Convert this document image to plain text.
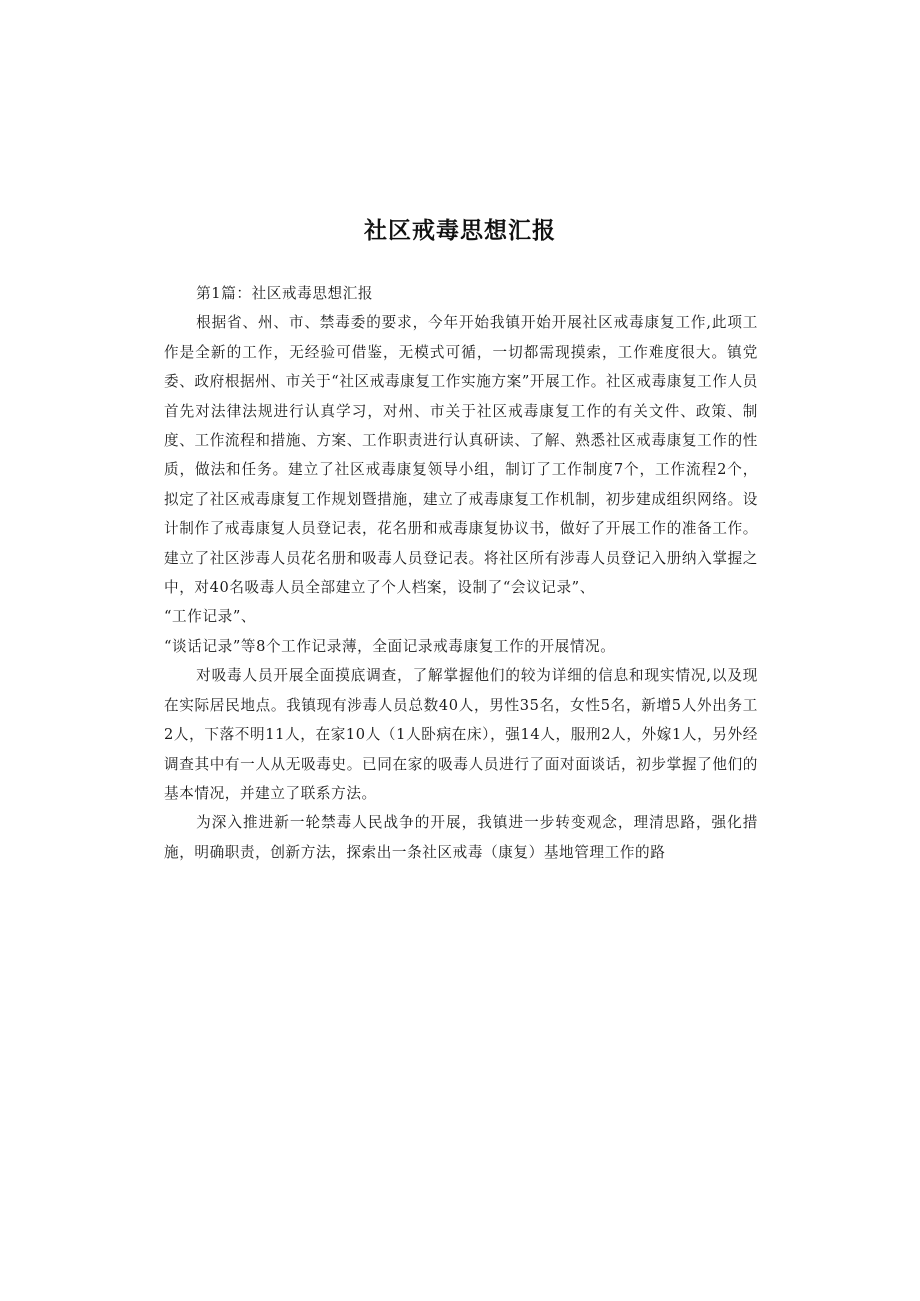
社区戒毒思想汇报

第1篇：社区戒毒思想汇报

根据省、州、市、禁毒委的要求，今年开始我镇开始开展社区戒毒康复工作,此项工作是全新的工作，无经验可借鉴，无模式可循，一切都需现摸索，工作难度很大。镇党委、政府根据州、市关于“社区戒毒康复工作实施方案”开展工作。社区戒毒康复工作人员首先对法律法规进行认真学习，对州、市关于社区戒毒康复工作的有关文件、政策、制度、工作流程和措施、方案、工作职责进行认真研读、了解、熟悉社区戒毒康复工作的性质，做法和任务。建立了社区戒毒康复领导小组，制订了工作制度7个，工作流程2个，拟定了社区戒毒康复工作规划暨措施，建立了戒毒康复工作机制，初步建成组织网络。设计制作了戒毒康复人员登记表，花名册和戒毒康复协议书，做好了开展工作的准备工作。建立了社区涉毒人员花名册和吸毒人员登记表。将社区所有涉毒人员登记入册纳入掌握之中，对40名吸毒人员全部建立了个人档案，设制了“会议记录”、

“工作记录”、

“谈话记录”等8个工作记录薄，全面记录戒毒康复工作的开展情况。

对吸毒人员开展全面摸底调查，了解掌握他们的较为详细的信息和现实情况,以及现在实际居民地点。我镇现有涉毒人员总数40人，男性35名，女性5名，新增5人外出务工2人，下落不明11人，在家10人（1人卧病在床），强14人，服刑2人，外嫁1人，另外经调查其中有一人从无吸毒史。已同在家的吸毒人员进行了面对面谈话，初步掌握了他们的基本情况，并建立了联系方法。

为深入推进新一轮禁毒人民战争的开展，我镇进一步转变观念，理清思路，强化措施，明确职责，创新方法，探索出一条社区戒毒（康复）基地管理工作的路
